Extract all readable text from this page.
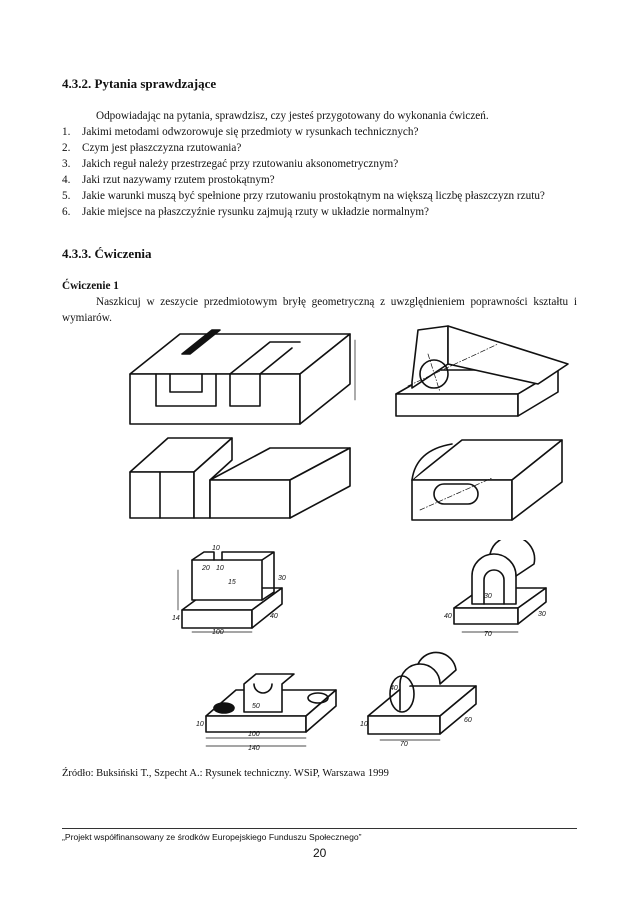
4.3.2. Pytania sprawdzające
Odpowiadając na pytania, sprawdzisz, czy jesteś przygotowany do wykonania ćwiczeń.
1. Jakimi metodami odwzorowuje się przedmioty w rysunkach technicznych?
2. Czym jest płaszczyzna rzutowania?
3. Jakich reguł należy przestrzegać przy rzutowaniu aksonometrycznym?
4. Jaki rzut nazywamy rzutem prostokątnym?
5. Jakie warunki muszą być spełnione przy rzutowaniu prostokątnym na większą liczbę płaszczyzn rzutu?
6. Jakie miejsce na płaszczyźnie rysunku zajmują rzuty w układzie normalnym?
4.3.3. Ćwiczenia
Ćwiczenie 1
Naszkicuj w zeszycie przedmiotowym bryłę geometryczną z uwzględnieniem poprawności kształtu i wymiarów.
20 10
10
30
15
14	40
100
40
30
70
30
10
50
100
140
10
40
70
60
Źródło: Buksiński T., Szpecht A.: Rysunek techniczny. WSiP, Warszawa 1999
„Projekt współfinansowany ze środków Europejskiego Funduszu Społecznego”
20
